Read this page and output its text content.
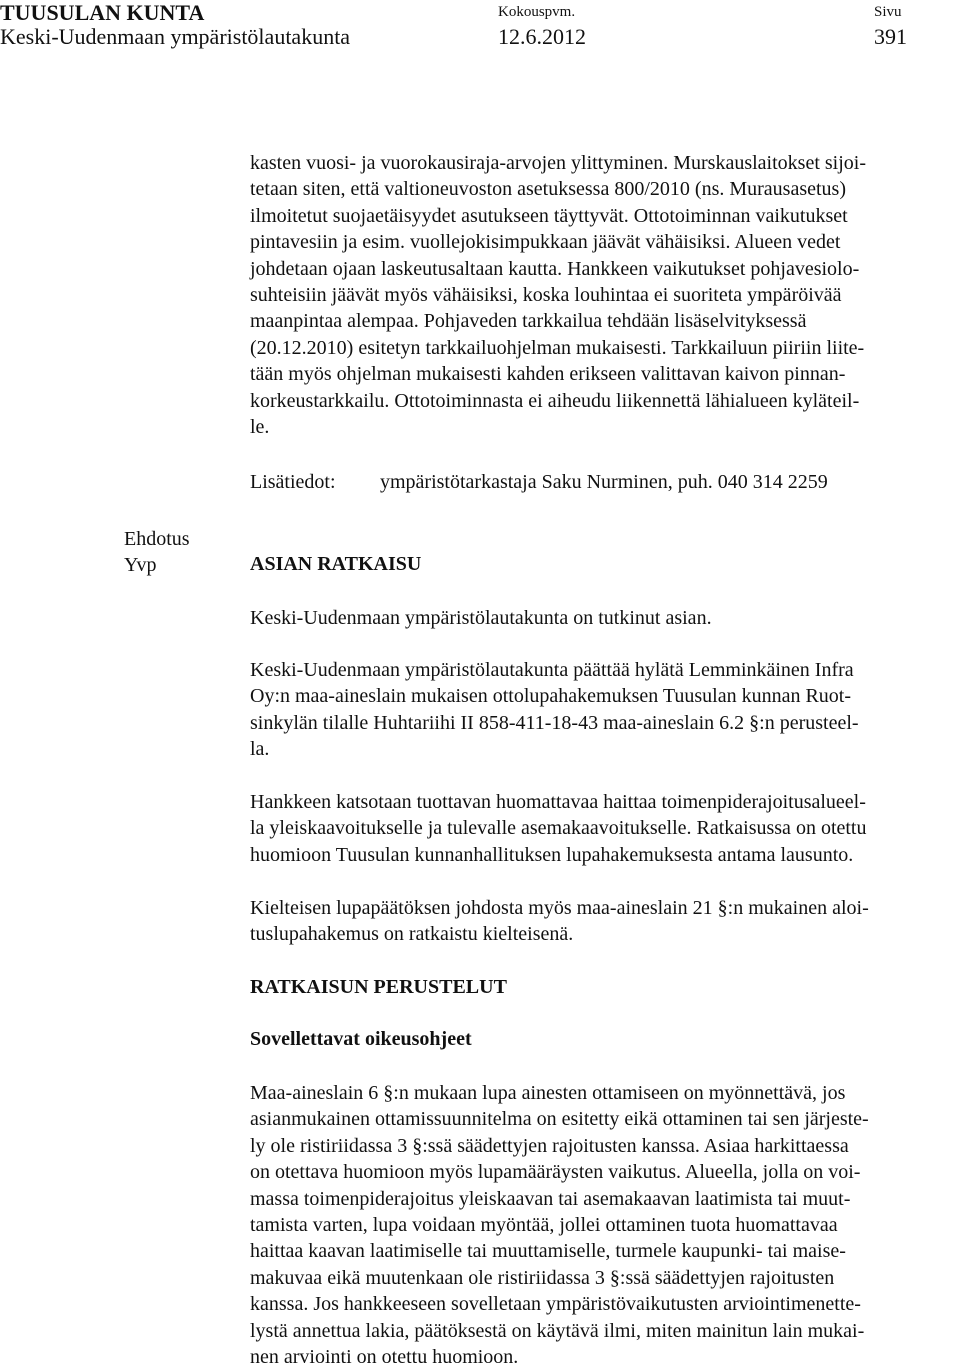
TUUSULAN KUNTA
Keski-Uudenmaan ympäristölautakunta
Kokouspvm.
12.6.2012
Sivu
391
kasten vuosi- ja vuorokausiraja-arvojen ylittyminen. Murskauslaitokset sijoi-
tetaan siten, että valtioneuvoston asetuksessa 800/2010 (ns. Murausasetus)
ilmoitetut suojaetäisyydet asutukseen täyttyvät. Ottotoiminnan vaikutukset
pintavesiin ja esim. vuollejokisimpukkaan jäävät vähäisiksi. Alueen vedet
johdetaan ojaan laskeutusaltaan kautta. Hankkeen vaikutukset pohjavesiolo-
suhteisiin jäävät myös vähäisiksi, koska louhintaa ei suoriteta ympäröivää
maanpintaa alempaa. Pohjaveden tarkkailua tehdään lisäselvityksessä
(20.12.2010) esitetyn tarkkailuohjelman mukaisesti. Tarkkailuun piiriin liite-
tään myös ohjelman mukaisesti kahden erikseen valittavan kaivon pinnan-
korkeustarkkailu. Ottotoiminnasta ei aiheudu liikennettä lähialueen kyläteil-
le.
Lisätiedot: ympäristötarkastaja Saku Nurminen, puh. 040 314 2259
Ehdotus
Yvp	ASIAN RATKAISU
Keski-Uudenmaan ympäristölautakunta on tutkinut asian.
Keski-Uudenmaan ympäristölautakunta päättää hylätä Lemminkäinen Infra
Oy:n maa-aineslain mukaisen ottolupahakemuksen Tuusulan kunnan Ruot-
sinkylän tilalle Huhtariihi II 858-411-18-43 maa-aineslain 6.2 §:n perusteel-
la.
Hankkeen katsotaan tuottavan huomattavaa haittaa toimenpiderajoitusalueel-
la yleiskaavoitukselle ja tulevalle asemakaavoitukselle. Ratkaisussa on otettu
huomioon Tuusulan kunnanhallituksen lupahakemuksesta antama lausunto.
Kielteisen lupapäätöksen johdosta myös maa-aineslain 21 §:n mukainen aloi-
tuslupahakemus on ratkaistu kielteisenä.
RATKAISUN PERUSTELUT
Sovellettavat oikeusohjeet
Maa-aineslain 6 §:n mukaan lupa ainesten ottamiseen on myönnettävä, jos
asianmukainen ottamissuunnitelma on esitetty eikä ottaminen tai sen järjeste-
ly ole ristiriidassa 3 §:ssä säädettyjen rajoitusten kanssa. Asiaa harkittaessa
on otettava huomioon myös lupamääräysten vaikutus. Alueella, jolla on voi-
massa toimenpiderajoitus yleiskaavan tai asemakaavan laatimista tai muut-
tamista varten, lupa voidaan myöntää, jollei ottaminen tuota huomattavaa
haittaa kaavan laatimiselle tai muuttamiselle, turmele kaupunki- tai maise-
makuvaa eikä muutenkaan ole ristiriidassa 3 §:ssä säädettyjen rajoitusten
kanssa. Jos hankkeeseen sovelletaan ympäristövaikutusten arviointimenette-
lystä annettua lakia, päätöksestä on käytävä ilmi, miten mainitun lain mukai-
nen arviointi on otettu huomioon.
